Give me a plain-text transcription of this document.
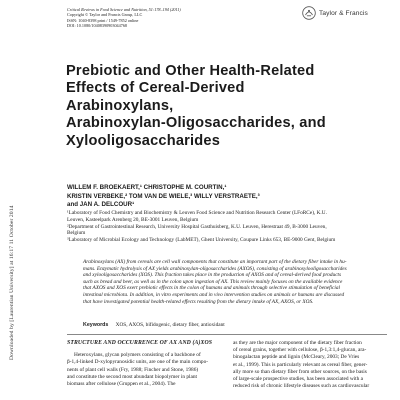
Critical Reviews in Food Science and Nutrition, 51:178–194 (2011)
Copyright © Taylor and Francis Group, LLC
ISSN: 1040-8398 print / 1549-7852 online
DOI: 10.1080/10408390903044768
Taylor & Francis
Downloaded by [Laurentian University] at 16:17 11 October 2014
Prebiotic and Other Health-Related
Effects of Cereal-Derived
Arabinoxylans,
Arabinoxylan-Oligosaccharides, and
Xylooligosaccharides
WILLEM F. BROEKAERT,¹ CHRISTOPHE M. COURTIN,¹
KRISTIN VERBEKE,² TOM VAN DE WIELE,³ WILLY VERSTRAETE,³
and JAN A. DELCOUR¹
¹Laboratory of Food Chemistry and Biochemistry & Leuven Food Science and Nutrition Research Center (LFoRCe), K.U.
Leuven, Kasteelpark Arenberg 20, BE-3001 Leuven, Belgium
²Department of Gastrointestinal Research, University Hospital Gasthuisberg, K.U. Leuven, Herestraat 49, B-3000 Leuven,
Belgium
³Laboratory of Microbial Ecology and Technology (LabMET), Ghent University, Coupure Links 653, BE-9000 Gent, Belgium
Arabinoxylans (AX) from cereals are cell wall components that constitute an important part of the dietary fiber intake in hu-
mans. Enzymatic hydrolysis of AX yields arabinoxylan-oligosaccharides (AXOS), consisting of arabinoxylooligosaccharides
and xylooligosaccharides (XOS). This fraction takes place in the production of AXOS and of cereal-derived food products
such as bread and beer, as well as in the colon upon ingestion of AX. This review mainly focuses on the available evidence
that AXOS and XOS exert prebiotic effects in the colon of humans and animals through selective stimulation of beneficial
intestinal microbiota. In addition, in vitro experiments and in vivo intervention studies on animals or humans are discussed
that have investigated potential health-related effects resulting from the dietary intake of AX, AXOS, or XOS.
Keywords XOS, AXOS, bifidogenic, dietary fiber, antioxidant
STRUCTURE AND OCCURRENCE OF AX AND (A)XOS
Heteroxylans, glycan polymers consisting of a backbone of
β-1,4-linked D-xylopyranosidic units, are one of the main compo-
nents of plant cell walls (Fry, 1988; Fincher and Stone, 1986)
and constitute the second most abundant biopolymer in plant
biomass after cellulose (Gruppen et al., 2004). The
as they are the major component of the dietary fiber fraction
of cereal grains, together with cellulose, β-1,3:1,4-glucan, ara-
binogalactan peptide and lignin (McCleary, 2003; De Vries
et al., 1999). This is particularly relevant as cereal fiber, gener-
ally more so than dietary fiber from other sources, on the basis
of large-scale prospective studies, has been associated with a
reduced risk of chronic lifestyle diseases such as cardiovascular
